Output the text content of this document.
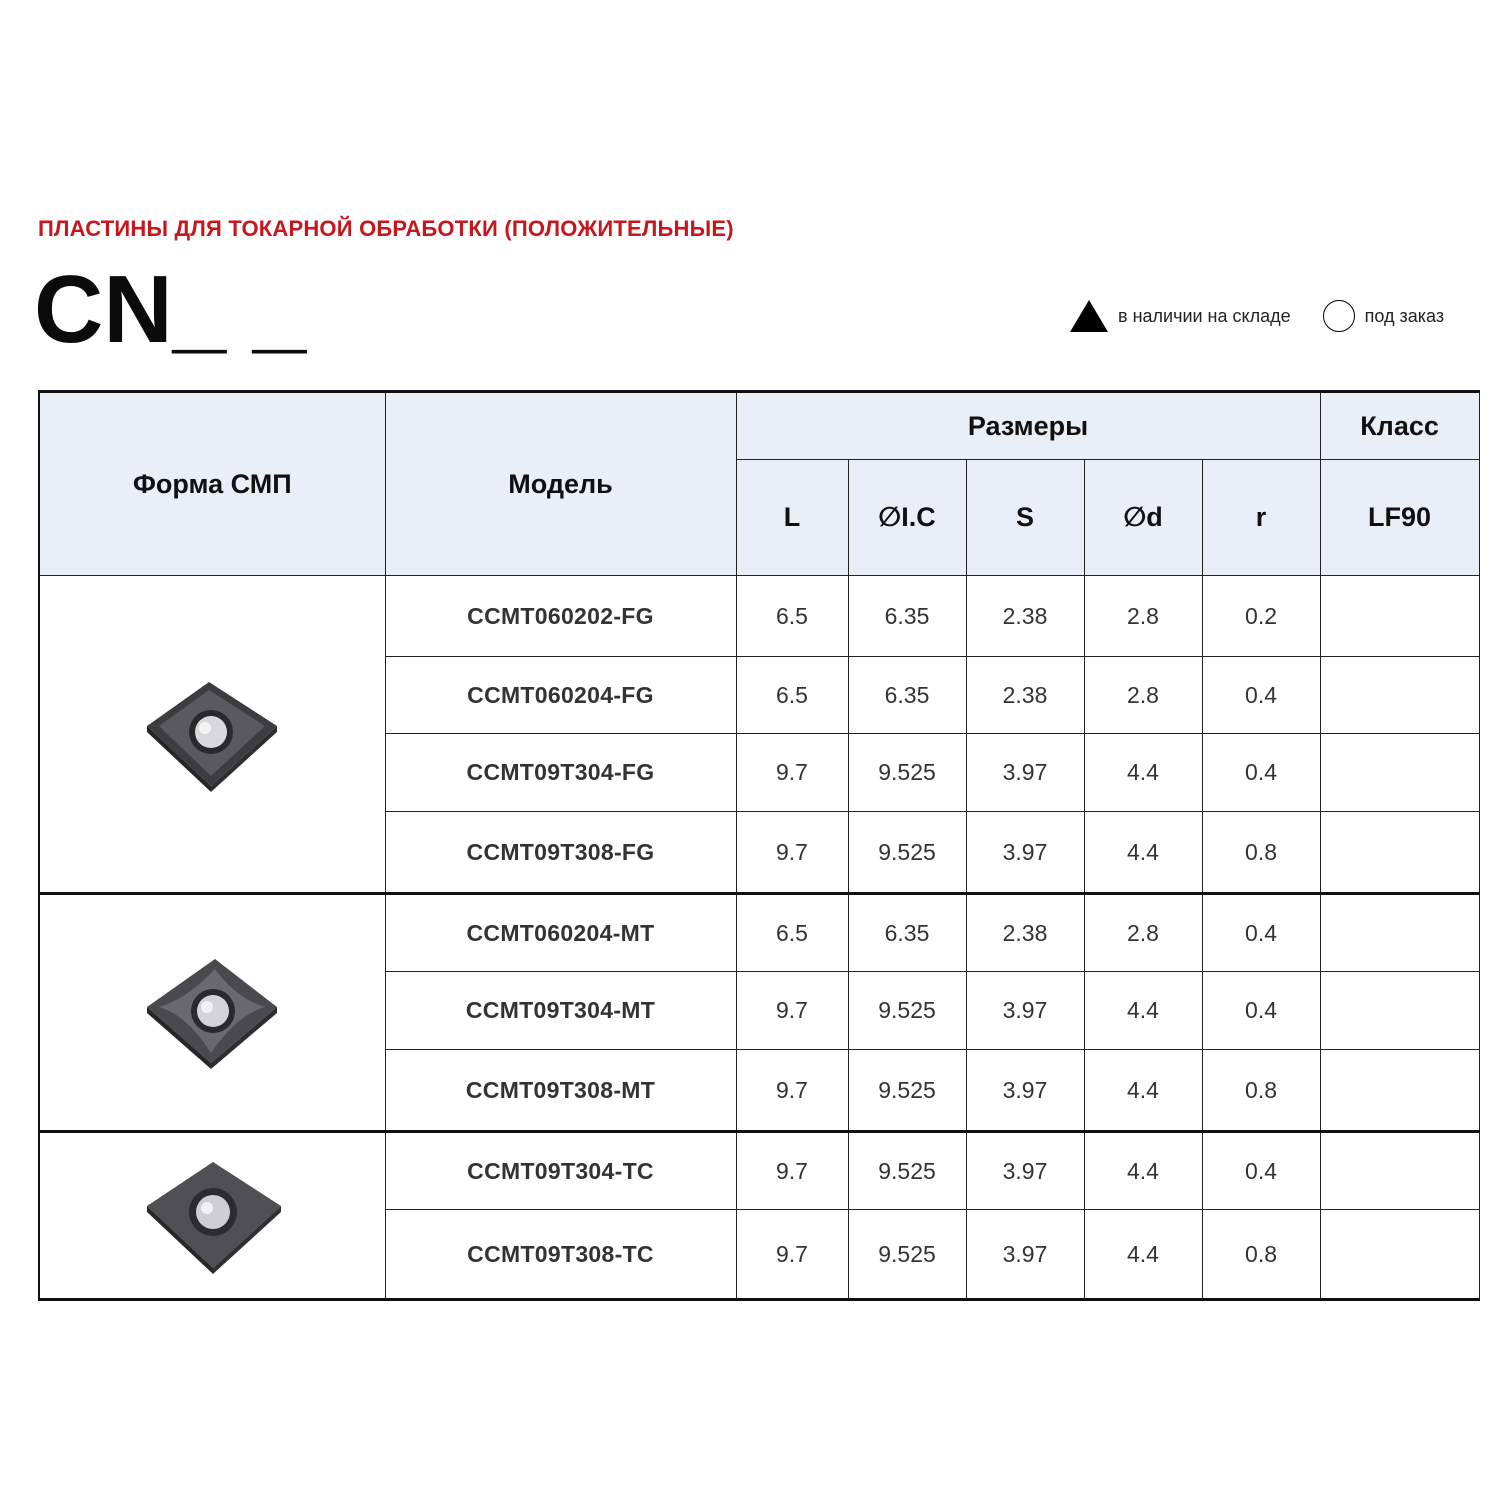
ПЛАСТИНЫ ДЛЯ ТОКАРНОЙ ОБРАБОТКИ (ПОЛОЖИТЕЛЬНЫЕ)
CN_ _	в наличии на складе	под заказ
Форма СМП	Модель	Размеры					Класс
		L	∅I.C	S	∅d	r	LF90

	CCMT060202-FG	6.5	6.35	2.38	2.8	0.2	
	CCMT060204-FG	6.5	6.35	2.38	2.8	0.4	
	CCMT09T304-FG	9.7	9.525	3.97	4.4	0.4	
	CCMT09T308-FG	9.7	9.525	3.97	4.4	0.8	

	CCMT060204-MT	6.5	6.35	2.38	2.8	0.4	
	CCMT09T304-MT	9.7	9.525	3.97	4.4	0.4	
	CCMT09T308-MT	9.7	9.525	3.97	4.4	0.8	

	CCMT09T304-TC	9.7	9.525	3.97	4.4	0.4	
	CCMT09T308-TC	9.7	9.525	3.97	4.4	0.8	
